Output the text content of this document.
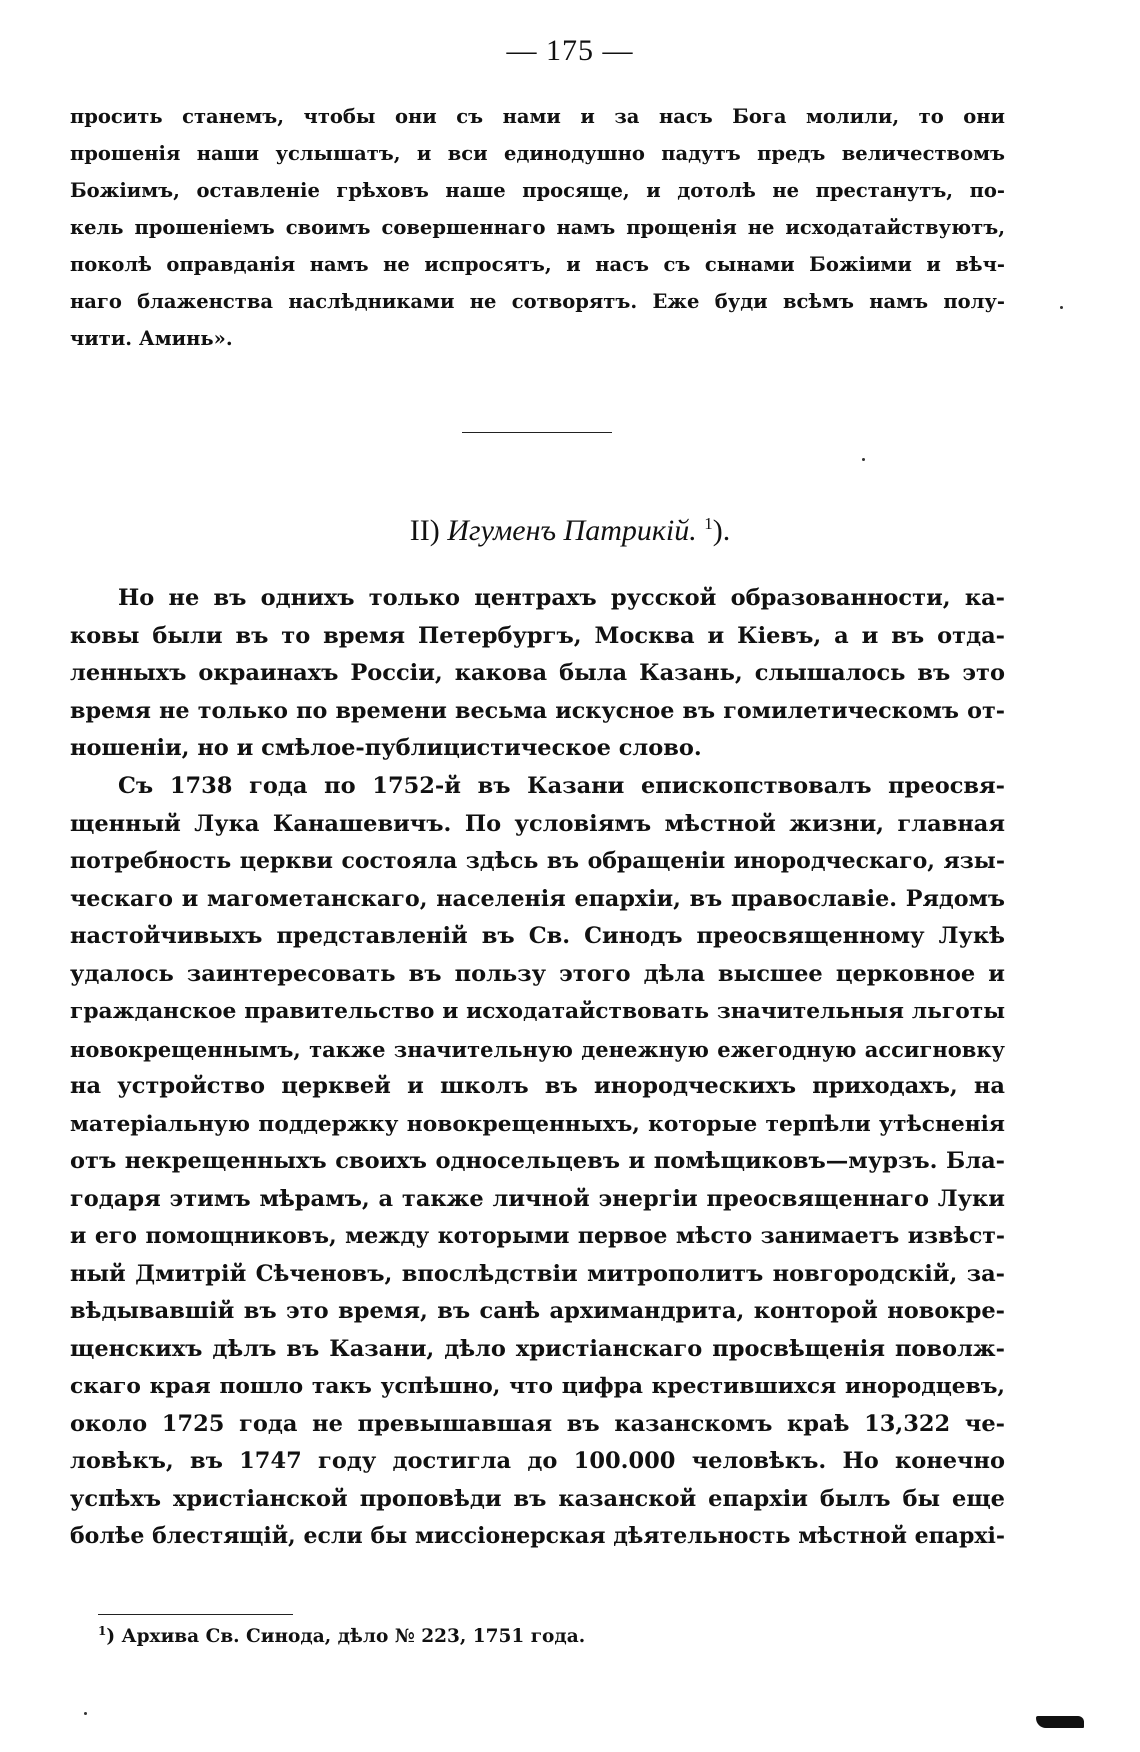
— 175 —
просить станемъ, чтобы они съ нами и за насъ Бога молили, то они
прошенія наши услышатъ, и вси единодушно падутъ предъ величествомъ
Божіимъ, оставленіе грѣховъ наше просяще, и дотолѣ не престанутъ, по-
кель прошеніемъ своимъ совершеннаго намъ прощенія не исходатайствуютъ,
поколѣ оправданія намъ не испросятъ, и насъ съ сынами Божіими и вѣч-
наго блаженства наслѣдниками не сотворятъ. Еже буди всѣмъ намъ полу-
чити. Аминь».
II) Игуменъ Патрикій. $^1$).
Но не въ однихъ только центрахъ русской образованности, ка-
ковы были въ то время Петербургъ, Москва и Кіевъ, а и въ отда-
ленныхъ окраинахъ Россіи, какова была Казань, слышалось въ это
время не только по времени весьма искусное въ гомилетическомъ от-
ношеніи, но и смѣлое-публицистическое слово.
Съ 1738 года по 1752-й въ Казани епископствовалъ преосвя-
щенный Лука Канашевичъ. По условіямъ мѣстной жизни, главная
потребность церкви состояла здѣсь въ обращеніи инородческаго, язы-
ческаго и магометанскаго, населенія епархіи, въ православіе. Рядомъ
настойчивыхъ представленій въ Св. Синодъ преосвященному Лукѣ
удалось заинтересовать въ пользу этого дѣла высшее церковное и
гражданское правительство и исходатайствовать значительныя льготы
новокрещеннымъ, также значительную денежную ежегодную ассигновку
на устройство церквей и школъ въ инородческихъ приходахъ, на
матеріальную поддержку новокрещенныхъ, которые терпѣли утѣсненія
отъ некрещенныхъ своихъ односельцевъ и помѣщиковъ—мурзъ. Бла-
годаря этимъ мѣрамъ, а также личной энергіи преосвященнаго Луки
и его помощниковъ, между которыми первое мѣсто занимаетъ извѣст-
ный Дмитрій Сѣченовъ, впослѣдствіи митрополитъ новгородскій, за-
вѣдывавшій въ это время, въ санѣ архимандрита, конторой новокре-
щенскихъ дѣлъ въ Казани, дѣло христіанскаго просвѣщенія поволж-
скаго края пошло такъ успѣшно, что цифра крестившихся инородцевъ,
около 1725 года не превышавшая въ казанскомъ краѣ 13,322 че-
ловѣкъ, въ 1747 году достигла до 100.000 человѣкъ. Но конечно
успѣхъ христіанской проповѣди въ казанской епархіи былъ бы еще
болѣе блестящій, если бы миссіонерская дѣятельность мѣстной епархі-
$^1$) Архива Св. Синода, дѣло № 223, 1751 года.
